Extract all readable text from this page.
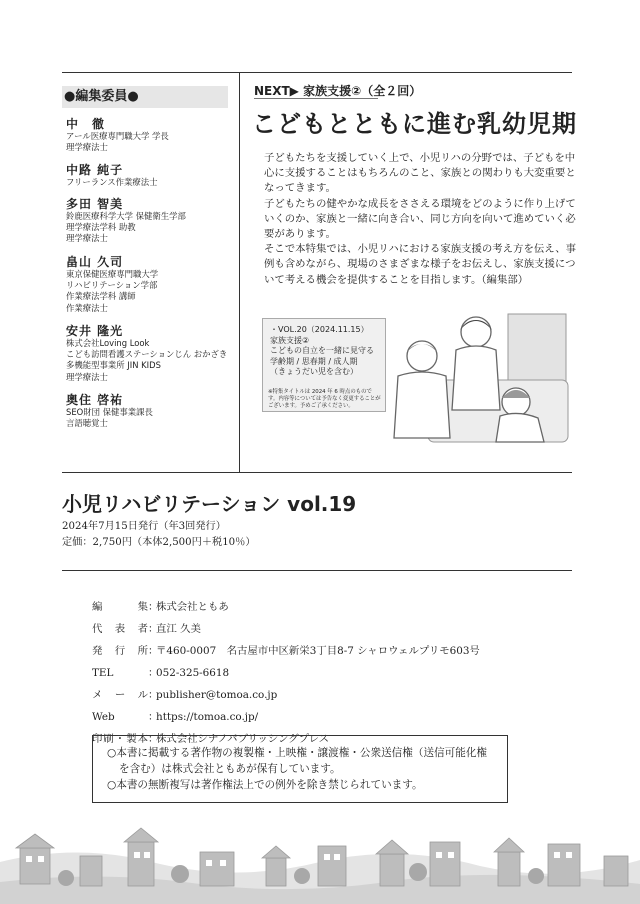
●編集委員●
中　徹
アール医療専門職大学 学長
理学療法士
中路 純子
フリーランス作業療法士
多田 智美
鈴鹿医療科学大学 保健衛生学部
理学療法学科 助教
理学療法士
畠山 久司
東京保健医療専門職大学
リハビリテーション学部
作業療法学科 講師
作業療法士
安井 隆光
株式会社Loving Look
こども訪問看護ステーションじん おかざき
多機能型事業所 JIN KIDS
理学療法士
奥住 啓祐
SEO財団 保健事業課長
言語聴覚士
NEXT▶ 家族支援②（全２回）
こどもとともに進む乳幼児期

子どもたちを支援していく上で、小児リハの分野では、子どもを中心に支援することはもちろんのこと、家族との関わりも大変重要となってきます。

子どもたちの健やかな成長をささえる環境をどのように作り上げていくのか、家族と一緒に向き合い、同じ方向を向いて進めていく必要があります。

そこで本特集では、小児リハにおける家族支援の考え方を伝え、事例も含めながら、現場のさまざまな様子をお伝えし、家族支援について考える機会を提供することを目指します。（編集部）

・VOL.20（2024.11.15）
家族支援②
こどもの自立を一緒に見守る
学齢期 / 思春期 / 成人期
（きょうだい児を含む）
※特集タイトルは 2024 年 6 時点のものです。内容等については予告なく変更することがございます。予めご了承ください。
小児リハビリテーション vol.19
2024年7月15日発行（年3回発行）
定価：2,750円（本体2,500円＋税10％）
編集：株式会社ともあ
代表者：直江 久美
発行所：〒460-0007　名古屋市中区新栄3丁目8-7 シャロウェルプリモ603号
TEL	：052-325-6618
メール：publisher@tomoa.co.jp
Web	：https://tomoa.co.jp/
印刷・製本：株式会社シナノパブリッシングプレス
○本書に掲載する著作物の複製権・上映権・譲渡権・公衆送信権（送信可能化権を含む）は株式会社ともあが保有しています。
○本書の無断複写は著作権法上での例外を除き禁じられています。
